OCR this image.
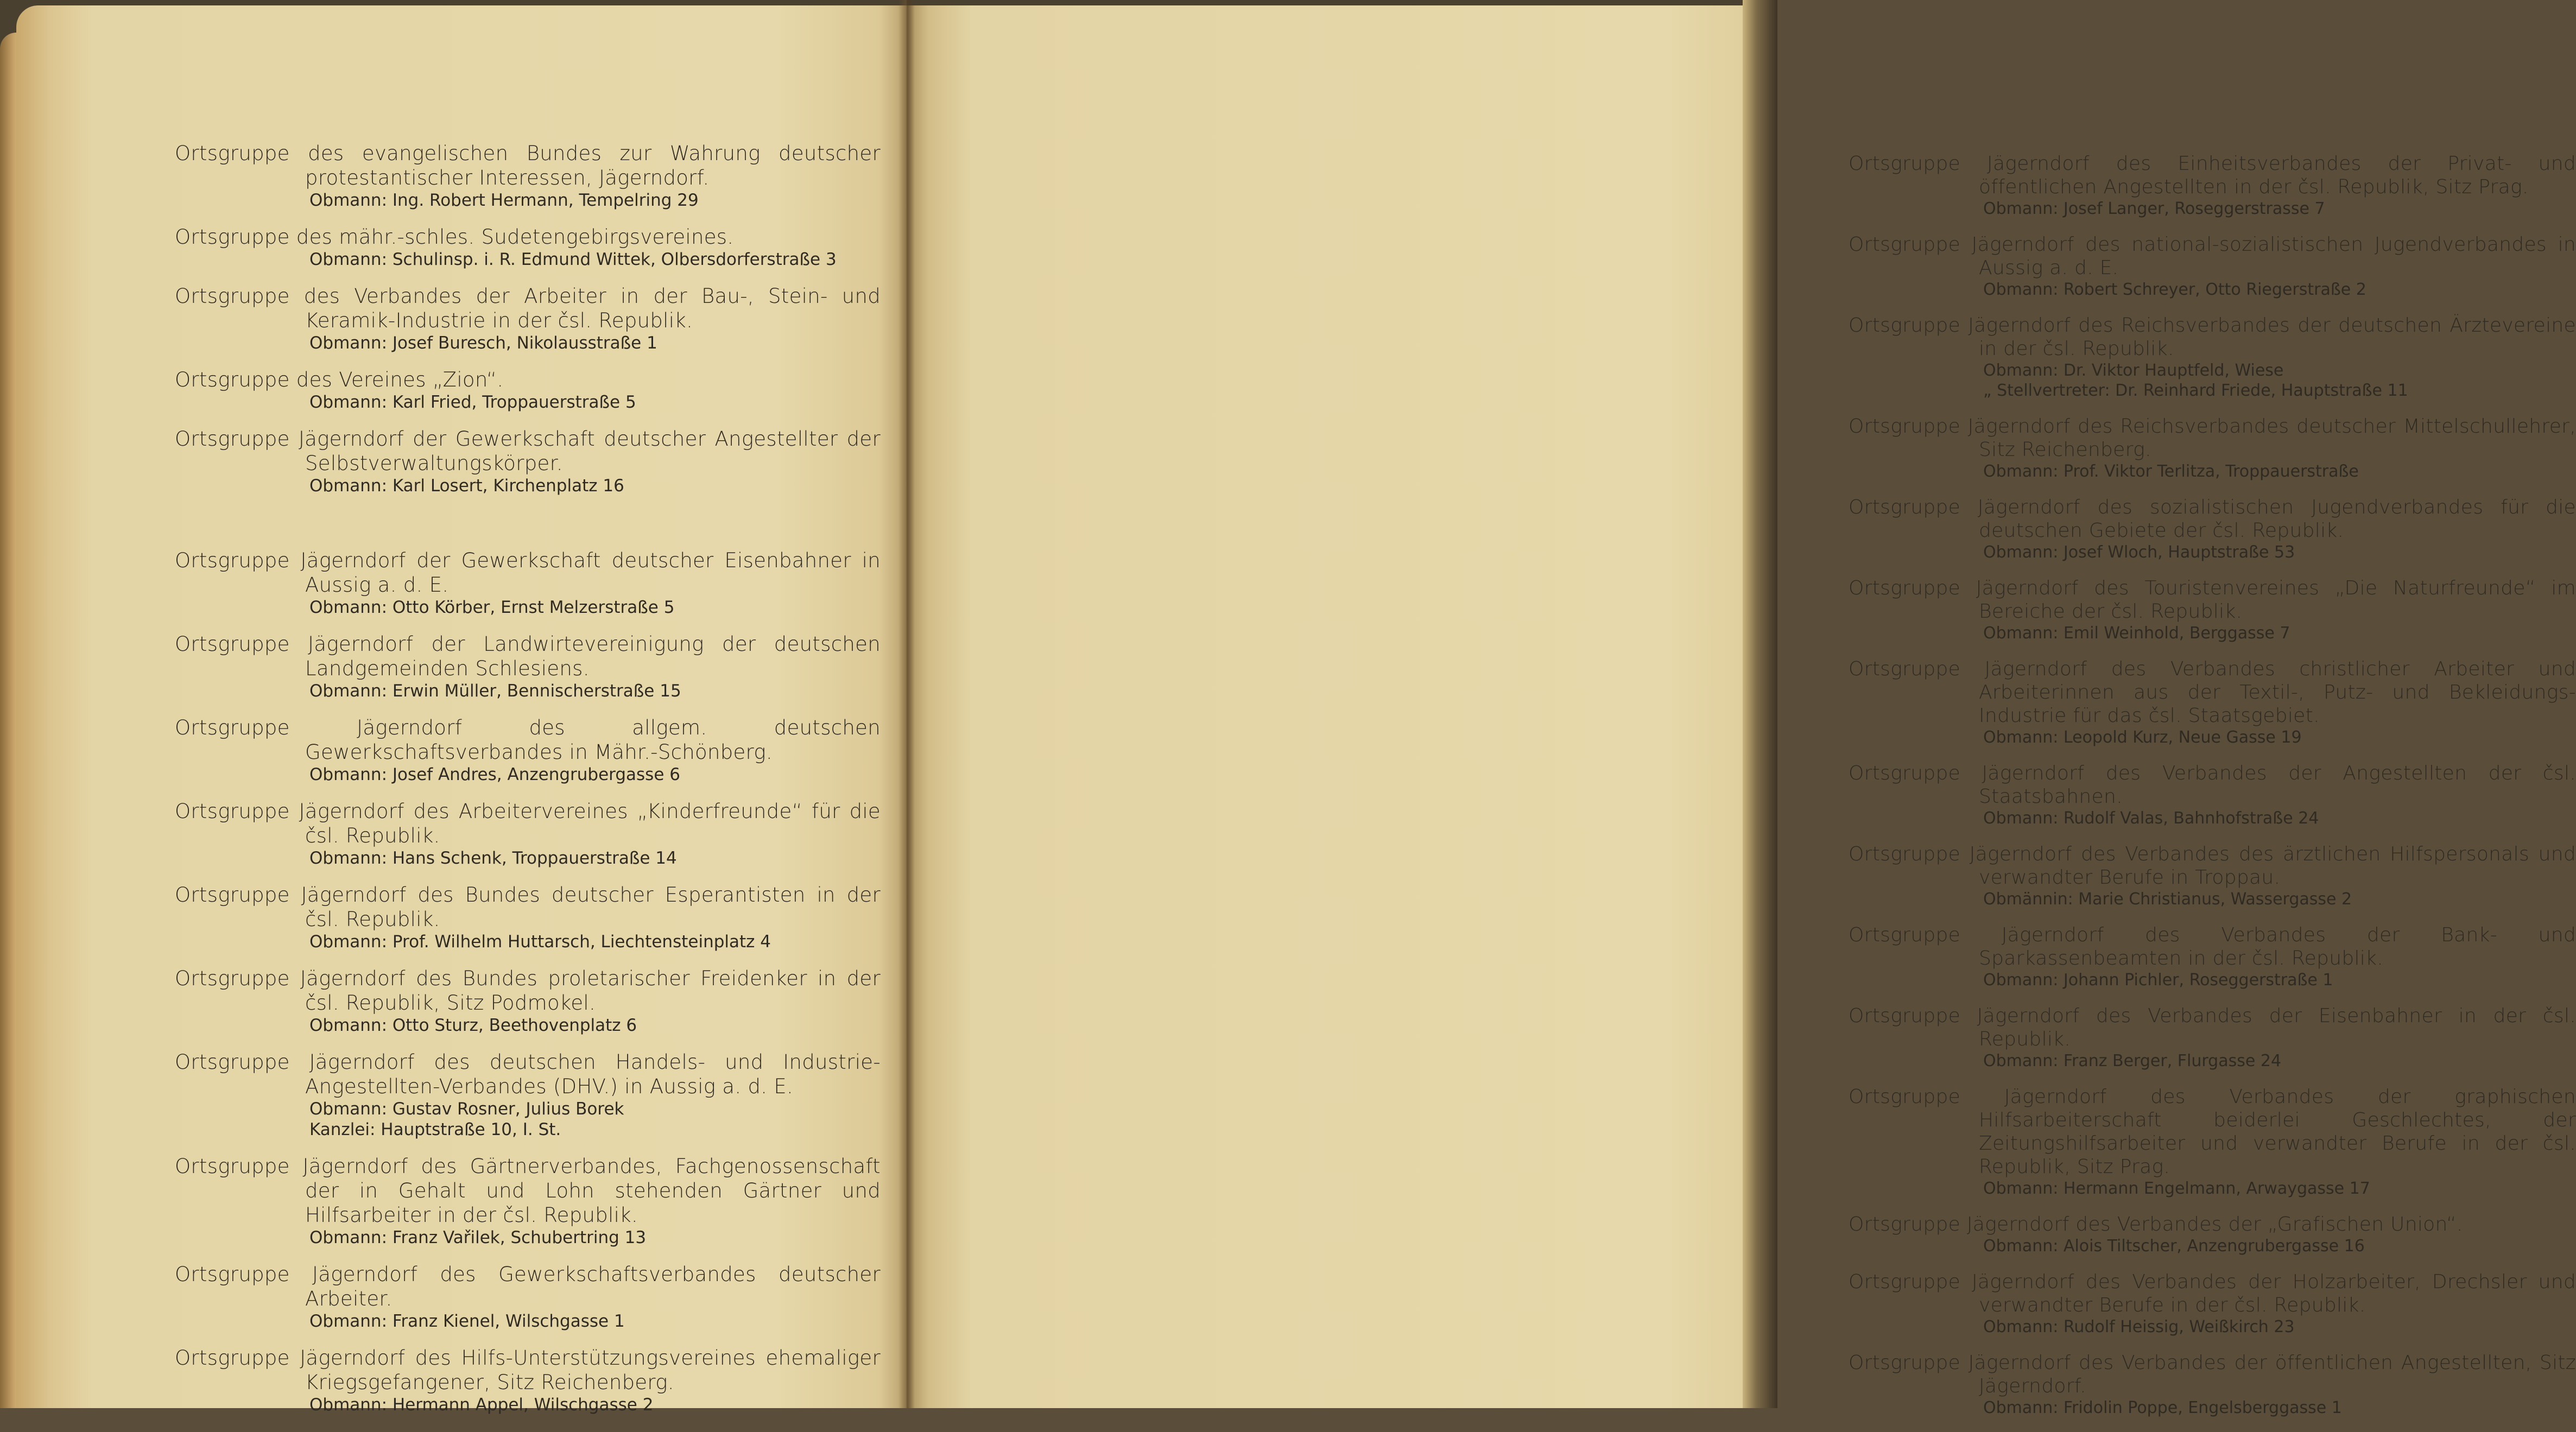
Ortsgruppe des evangelischen Bundes zur Wahrung deutscher protestantischer Interessen, Jägerndorf.
Obmann: Ing. Robert Hermann, Tempelring 29
Ortsgruppe des mähr.-schles. Sudetengebirgsvereines.
Obmann: Schulinsp. i. R. Edmund Wittek, Olbersdorferstraße 3
Ortsgruppe des Verbandes der Arbeiter in der Bau-, Stein- und Keramik-Industrie in der čsl. Republik.
Obmann: Josef Buresch, Nikolausstraße 1
Ortsgruppe des Vereines „Zion“.
Obmann: Karl Fried, Troppauerstraße 5
Ortsgruppe Jägerndorf der Gewerkschaft deutscher Angestellter der Selbstverwaltungskörper.
Obmann: Karl Losert, Kirchenplatz 16
Ortsgruppe Jägerndorf der Gewerkschaft deutscher Eisenbahner in Aussig a. d. E.
Obmann: Otto Körber, Ernst Melzerstraße 5
Ortsgruppe Jägerndorf der Landwirtevereinigung der deutschen Landgemeinden Schlesiens.
Obmann: Erwin Müller, Bennischerstraße 15
Ortsgruppe Jägerndorf des allgem. deutschen Gewerkschaftsverbandes in Mähr.-Schönberg.
Obmann: Josef Andres, Anzengrubergasse 6
Ortsgruppe Jägerndorf des Arbeitervereines „Kinderfreunde“ für die čsl. Republik.
Obmann: Hans Schenk, Troppauerstraße 14
Ortsgruppe Jägerndorf des Bundes deutscher Esperantisten in der čsl. Republik.
Obmann: Prof. Wilhelm Huttarsch, Liechtensteinplatz 4
Ortsgruppe Jägerndorf des Bundes proletarischer Freidenker in der čsl. Republik, Sitz Podmokel.
Obmann: Otto Sturz, Beethovenplatz 6
Ortsgruppe Jägerndorf des deutschen Handels- und Industrie-Angestellten-Verbandes (DHV.) in Aussig a. d. E.
Obmann: Gustav Rosner, Julius Borek
Kanzlei: Hauptstraße 10, I. St.
Ortsgruppe Jägerndorf des Gärtnerverbandes, Fachgenossenschaft der in Gehalt und Lohn stehenden Gärtner und Hilfsarbeiter in der čsl. Republik.
Obmann: Franz Vařilek, Schubertring 13
Ortsgruppe Jägerndorf des Gewerkschaftsverbandes deutscher Arbeiter.
Obmann: Franz Kienel, Wilschgasse 1
Ortsgruppe Jägerndorf des Hilfs-Unterstützungsvereines ehemaliger Kriegsgefangener, Sitz Reichenberg.
Obmann: Hermann Appel, Wilschgasse 2
Ortsgruppe Jägerndorf des Einheitsverbandes der Privat- und öffentlichen Angestellten in der čsl. Republik, Sitz Prag.
Obmann: Josef Langer, Roseggerstrasse 7
Ortsgruppe Jägerndorf des national-sozialistischen Jugendverbandes in Aussig a. d. E.
Obmann: Robert Schreyer, Otto Riegerstraße 2
Ortsgruppe Jägerndorf des Reichsverbandes der deutschen Ärztevereine in der čsl. Republik.
Obmann: Dr. Viktor Hauptfeld, Wiese
„ Stellvertreter: Dr. Reinhard Friede, Hauptstraße 11
Ortsgruppe Jägerndorf des Reichsverbandes deutscher Mittelschullehrer, Sitz Reichenberg.
Obmann: Prof. Viktor Terlitza, Troppauerstraße
Ortsgruppe Jägerndorf des sozialistischen Jugendverbandes für die deutschen Gebiete der čsl. Republik.
Obmann: Josef Wloch, Hauptstraße 53
Ortsgruppe Jägerndorf des Touristenvereines „Die Naturfreunde“ im Bereiche der čsl. Republik.
Obmann: Emil Weinhold, Berggasse 7
Ortsgruppe Jägerndorf des Verbandes christlicher Arbeiter und Arbeiterinnen aus der Textil-, Putz- und Bekleidungs-Industrie für das čsl. Staatsgebiet.
Obmann: Leopold Kurz, Neue Gasse 19
Ortsgruppe Jägerndorf des Verbandes der Angestellten der čsl. Staatsbahnen.
Obmann: Rudolf Valas, Bahnhofstraße 24
Ortsgruppe Jägerndorf des Verbandes des ärztlichen Hilfspersonals und verwandter Berufe in Troppau.
Obmännin: Marie Christianus, Wassergasse 2
Ortsgruppe Jägerndorf des Verbandes der Bank- und Sparkassenbeamten in der čsl. Republik.
Obmann: Johann Pichler, Roseggerstraße 1
Ortsgruppe Jägerndorf des Verbandes der Eisenbahner in der čsl. Republik.
Obmann: Franz Berger, Flurgasse 24
Ortsgruppe Jägerndorf des Verbandes der graphischen Hilfsarbeiterschaft beiderlei Geschlechtes, der Zeitungshilfsarbeiter und verwandter Berufe in der čsl. Republik, Sitz Prag.
Obmann: Hermann Engelmann, Arwaygasse 17
Ortsgruppe Jägerndorf des Verbandes der „Grafischen Union“.
Obmann: Alois Tiltscher, Anzengrubergasse 16
Ortsgruppe Jägerndorf des Verbandes der Holzarbeiter, Drechsler und verwandter Berufe in der čsl. Republik.
Obmann: Rudolf Heissig, Weißkirch 23
Ortsgruppe Jägerndorf des Verbandes der öffentlichen Angestellten, Sitz Jägerndorf.
Obmann: Fridolin Poppe, Engelsberggasse 1
